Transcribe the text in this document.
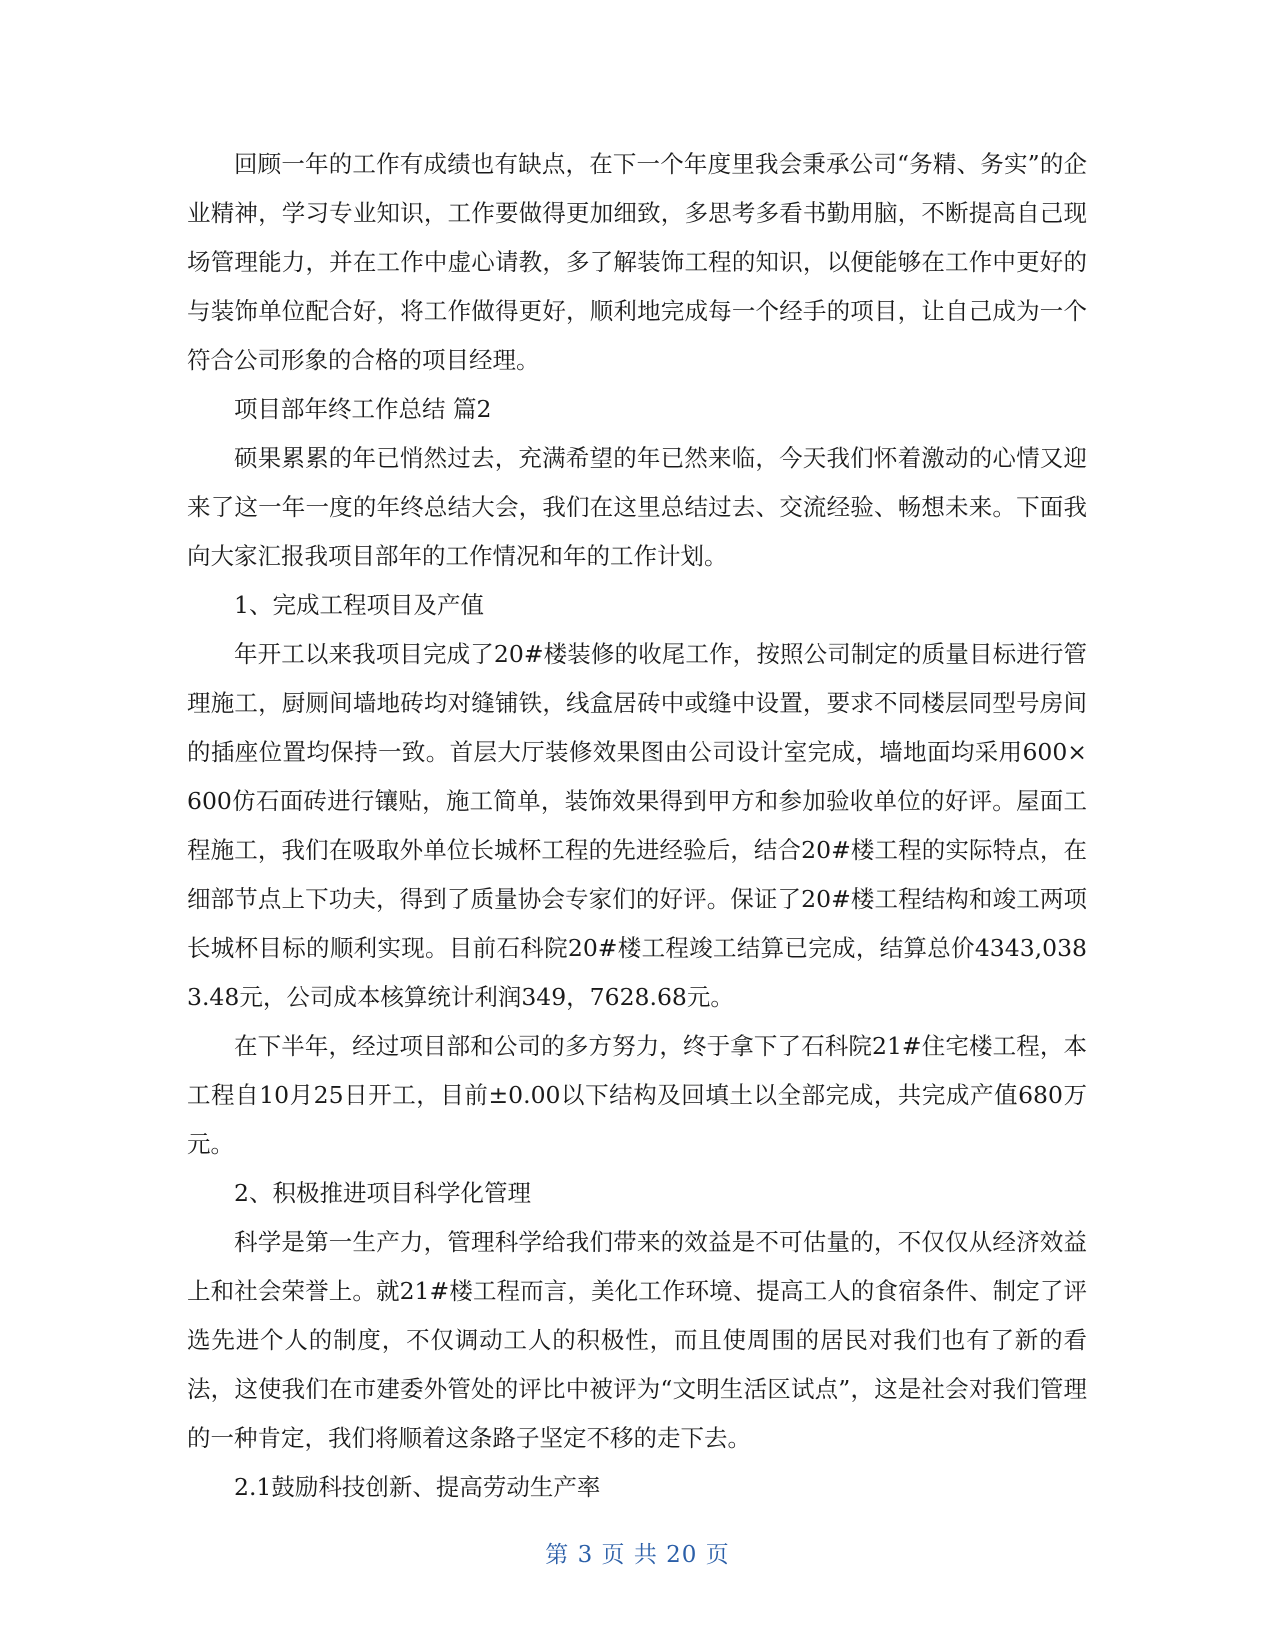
回顾一年的工作有成绩也有缺点，在下一个年度里我会秉承公司“务精、务实”的企业精神，学习专业知识，工作要做得更加细致，多思考多看书勤用脑，不断提高自己现场管理能力，并在工作中虚心请教，多了解装饰工程的知识，以便能够在工作中更好的与装饰单位配合好，将工作做得更好，顺利地完成每一个经手的项目，让自己成为一个符合公司形象的合格的项目经理。

项目部年终工作总结 篇2

硕果累累的年已悄然过去，充满希望的年已然来临，今天我们怀着激动的心情又迎来了这一年一度的年终总结大会，我们在这里总结过去、交流经验、畅想未来。下面我向大家汇报我项目部年的工作情况和年的工作计划。

1、完成工程项目及产值

年开工以来我项目完成了20#楼装修的收尾工作，按照公司制定的质量目标进行管理施工，厨厕间墙地砖均对缝铺铁，线盒居砖中或缝中设置，要求不同楼层同型号房间的插座位置均保持一致。首层大厅装修效果图由公司设计室完成，墙地面均采用600×600仿石面砖进行镶贴，施工简单，装饰效果得到甲方和参加验收单位的好评。屋面工程施工，我们在吸取外单位长城杯工程的先进经验后，结合20#楼工程的实际特点，在细部节点上下功夫，得到了质量协会专家们的好评。保证了20#楼工程结构和竣工两项长城杯目标的顺利实现。目前石科院20#楼工程竣工结算已完成，结算总价4343,0383.48元，公司成本核算统计利润349，7628.68元。

在下半年，经过项目部和公司的多方努力，终于拿下了石科院21#住宅楼工程，本工程自10月25日开工，目前±0.00以下结构及回填土以全部完成，共完成产值680万元。

2、积极推进项目科学化管理

科学是第一生产力，管理科学给我们带来的效益是不可估量的，不仅仅从经济效益上和社会荣誉上。就21#楼工程而言，美化工作环境、提高工人的食宿条件、制定了评选先进个人的制度，不仅调动工人的积极性，而且使周围的居民对我们也有了新的看法，这使我们在市建委外管处的评比中被评为“文明生活区试点”，这是社会对我们管理的一种肯定，我们将顺着这条路子坚定不移的走下去。

2.1鼓励科技创新、提高劳动生产率

第 3 页 共 20 页
